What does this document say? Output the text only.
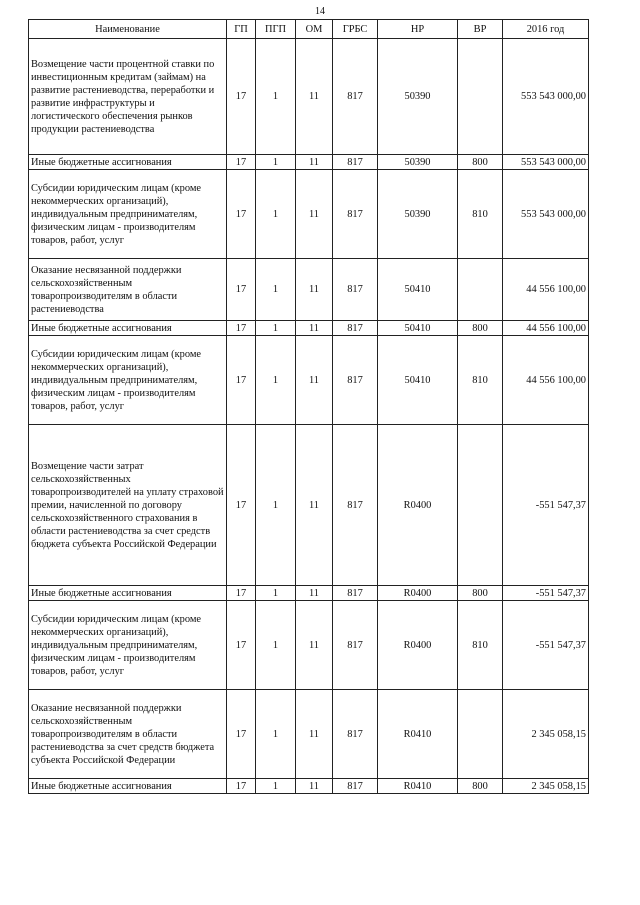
14
Наименование	ГП	ПГП	ОМ	ГРБС	НР	ВР	2016 год
Возмещение части процентной ставки по инвестиционным кредитам (займам) на развитие растениеводства, переработки и развитие инфраструктуры и логистического обеспечения рынков продукции растениеводства	17	1	11	817	50390		553 543 000,00
Иные бюджетные ассигнования	17	1	11	817	50390	800	553 543 000,00
Субсидии юридическим лицам (кроме некоммерческих организаций), индивидуальным предпринимателям, физическим лицам - производителям товаров, работ, услуг	17	1	11	817	50390	810	553 543 000,00
Оказание несвязанной поддержки сельскохозяйственным товаропроизводителям в области растениеводства	17	1	11	817	50410		44 556 100,00
Иные бюджетные ассигнования	17	1	11	817	50410	800	44 556 100,00
Субсидии юридическим лицам (кроме некоммерческих организаций), индивидуальным предпринимателям, физическим лицам - производителям товаров, работ, услуг	17	1	11	817	50410	810	44 556 100,00
Возмещение части затрат сельскохозяйственных товаропроизводителей на уплату страховой премии, начисленной по договору сельскохозяйственного страхования в области растениеводства за счет средств бюджета субъекта Российской Федерации	17	1	11	817	R0400		-551 547,37
Иные бюджетные ассигнования	17	1	11	817	R0400	800	-551 547,37
Субсидии юридическим лицам (кроме некоммерческих организаций), индивидуальным предпринимателям, физическим лицам - производителям товаров, работ, услуг	17	1	11	817	R0400	810	-551 547,37
Оказание несвязанной поддержки сельскохозяйственным товаропроизводителям в области растениеводства за счет средств бюджета субъекта Российской Федерации	17	1	11	817	R0410		2 345 058,15
Иные бюджетные ассигнования	17	1	11	817	R0410	800	2 345 058,15
